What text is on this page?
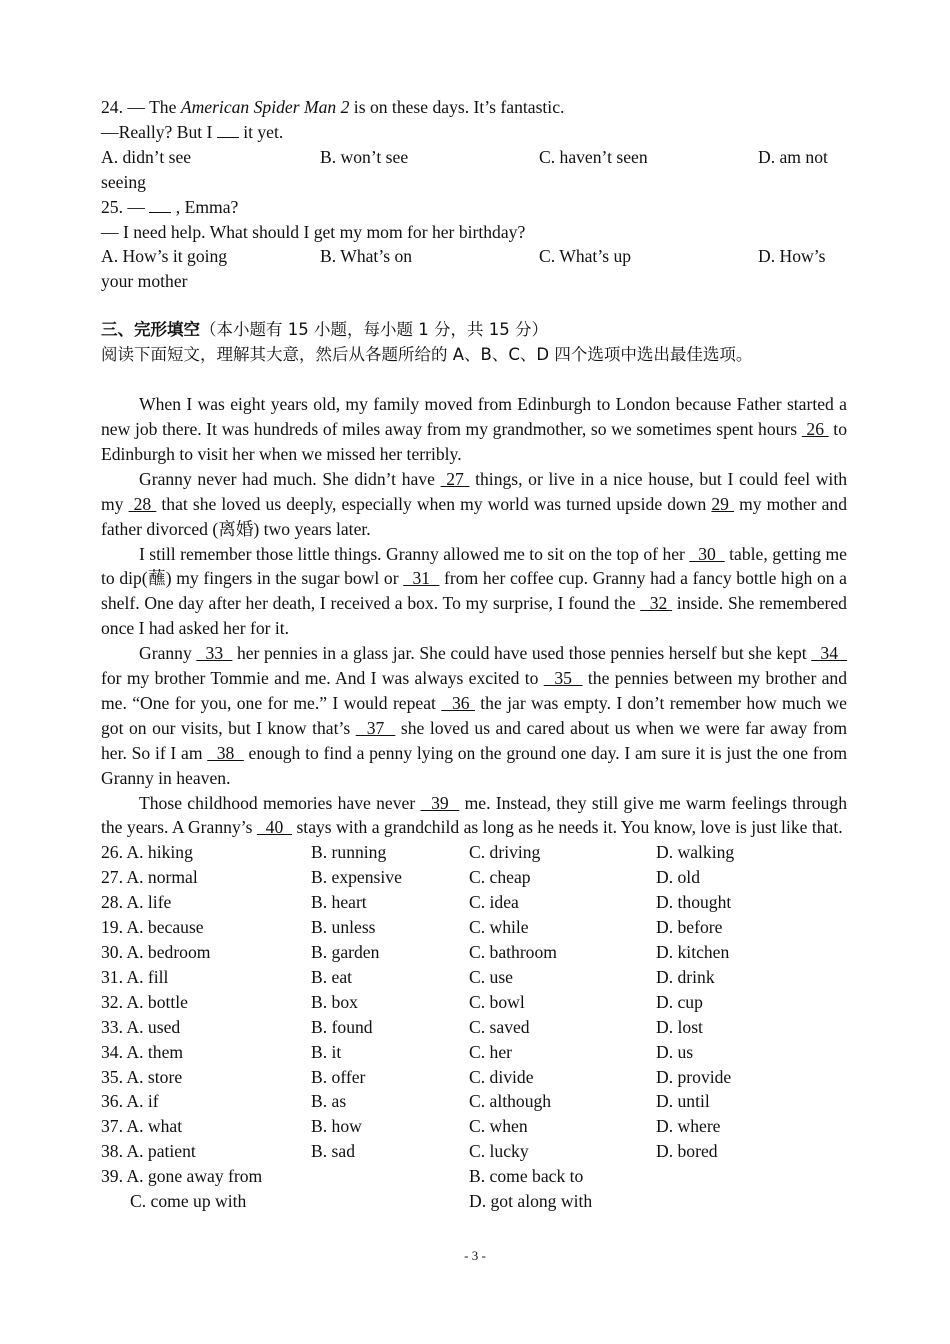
24. — The American Spider Man 2 is on these days. It’s fantastic.
—Really? But I  it yet.
A. didn’t see	B. won’t see	C. haven’t seen	D. am not
seeing
25. —  , Emma?
— I need help. What should I get my mom for her birthday?
A. How’s it going	B. What’s on	C. What’s up	D. How’s
your mother
三、完形填空（本小题有 15 小题，每小题 1 分，共 15 分）
阅读下面短文，理解其大意，然后从各题所给的 A、B、C、D 四个选项中选出最佳选项。
When I was eight years old, my family moved from Edinburgh to London because Father started a new job there. It was hundreds of miles away from my grandmother, so we sometimes spent hours  26  to Edinburgh to visit her when we missed her terribly.
Granny never had much. She didn’t have  27  things, or live in a nice house, but I could feel with my  28  that she loved us deeply, especially when my world was turned upside down 29  my mother and father divorced (离婚) two years later.
I still remember those little things. Granny allowed me to sit on the top of her   30   table, getting me to dip(蘸) my fingers in the sugar bowl or   31   from her coffee cup. Granny had a fancy bottle high on a shelf. One day after her death, I received a box. To my surprise, I found the   32  inside. She remembered once I had asked her for it.
Granny   33   her pennies in a glass jar. She could have used those pennies herself but she kept   34   for my brother Tommie and me. And I was always excited to   35   the pennies between my brother and me. “One for you, one for me.” I would repeat   36  the jar was empty. I don’t remember how much we got on our visits, but I know that’s   37   she loved us and cared about us when we were far away from her. So if I am   38   enough to find a penny lying on the ground one day. I am sure it is just the one from Granny in heaven.
Those childhood memories have never   39   me. Instead, they still give me warm feelings through the years. A Granny’s   40   stays with a grandchild as long as he needs it. You know, love is just like that.
26. A. hiking	B. running	C. driving	D. walking
27. A. normal	B. expensive	C. cheap	D. old
28. A. life	B. heart	C. idea	D. thought
19. A. because	B. unless	C. while	D. before
30. A. bedroom	B. garden	C. bathroom	D. kitchen
31. A. fill	B. eat	C. use	D. drink
32. A. bottle	B. box	C. bowl	D. cup
33. A. used	B. found	C. saved	D. lost
34. A. them	B. it	C. her	D. us
35. A. store	B. offer	C. divide	D. provide
36. A. if	B. as	C. although	D. until
37. A. what	B. how	C. when	D. where
38. A. patient	B. sad	C. lucky	D. bored
39. A. gone away from	B. come back to
C. come up with	D. got along with
- 3 -
